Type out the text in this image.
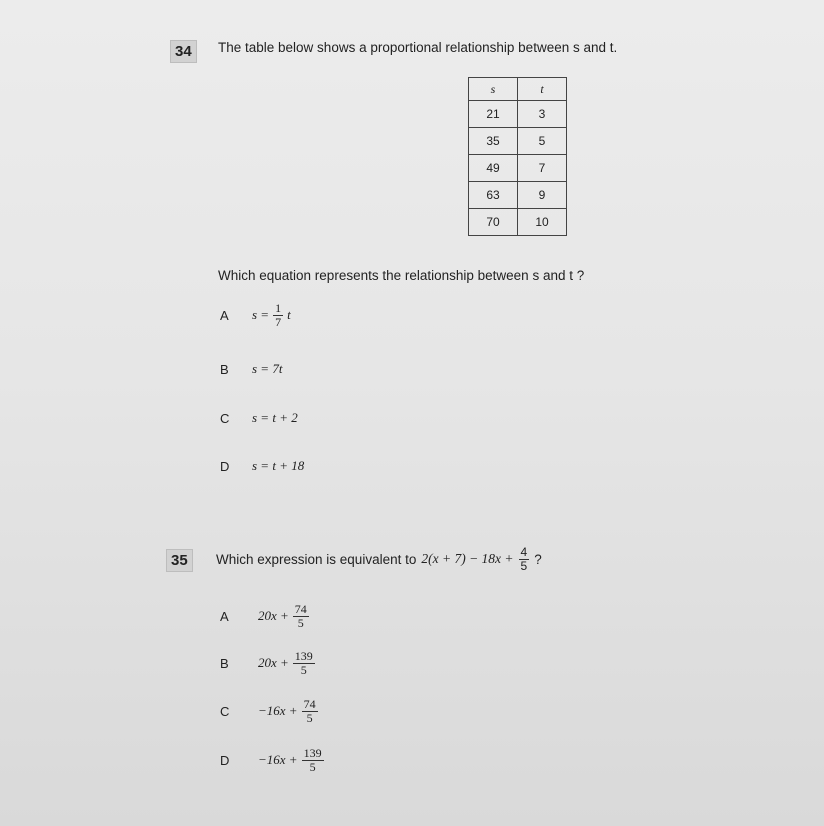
34	The table below shows a proportional relationship between s and t.
s	t
21	3
35	5
49	7
63	9
70	10
Which equation represents the relationship between s and t ?
A	$s = \frac{1}{7}$ t
B	s = 7t
C	s = t + 2
D	s = t + 18
35	Which expression is equivalent to $2(x + 7) - 18x + \frac{4}{5}$ ?
A	$20x + \frac{74}{5}$
B	$20x + \frac{139}{5}$
C	$-16x + \frac{74}{5}$
D	$-16x + \frac{139}{5}$
